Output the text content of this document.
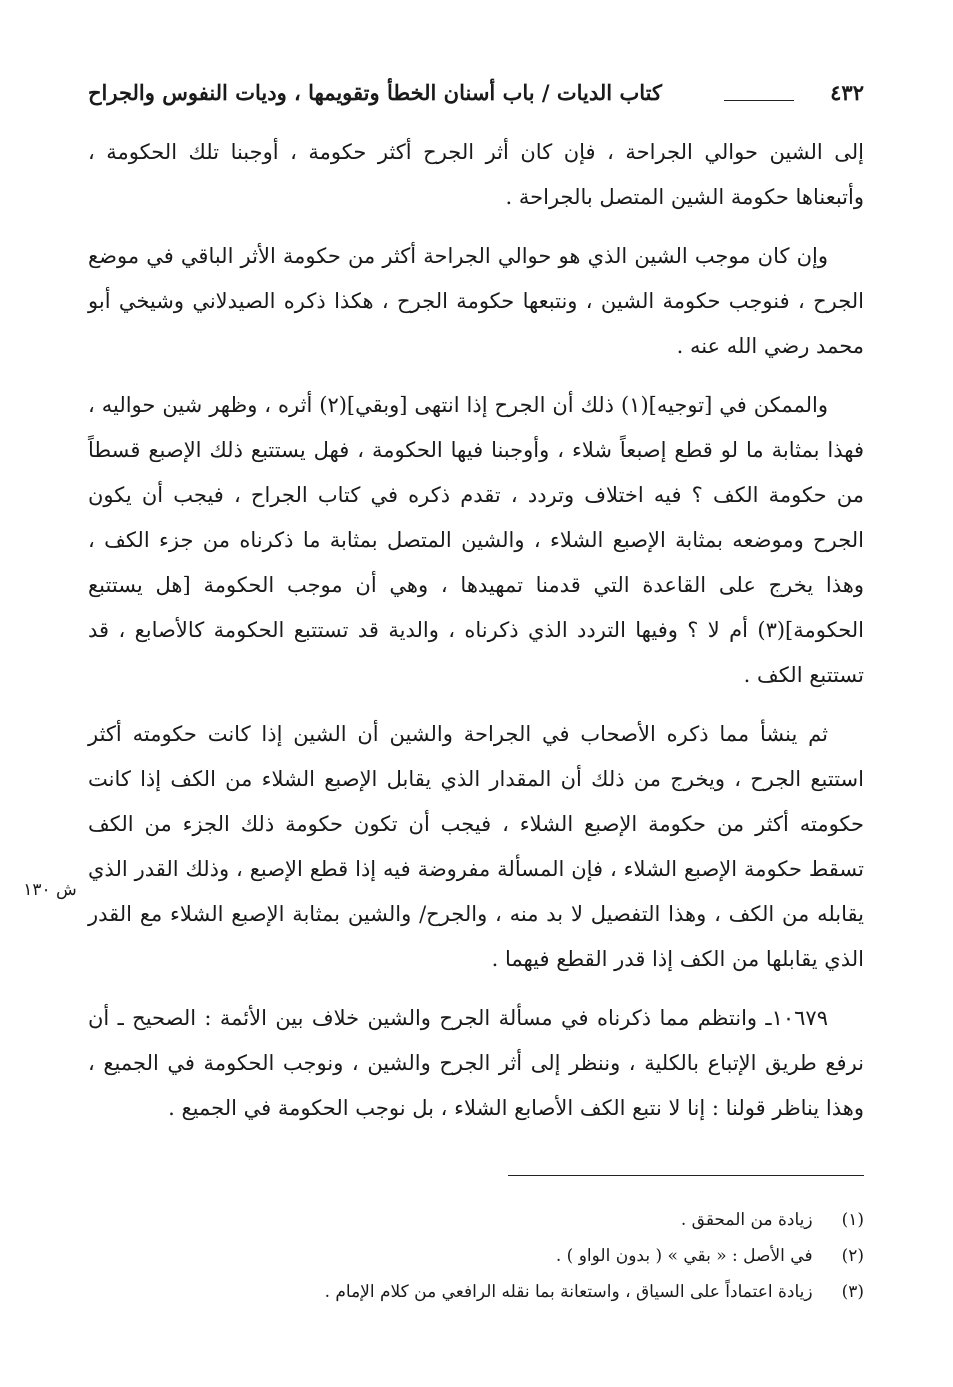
٤٣٢
كتاب الديات / باب أسنان الخطأ وتقويمها ، وديات النفوس والجراح

إلى الشين حوالي الجراحة ، فإن كان أثر الجرح أكثر حكومة ، أوجبنا تلك الحكومة ، وأتبعناها حكومة الشين المتصل بالجراحة .

وإن كان موجب الشين الذي هو حوالي الجراحة أكثر من حكومة الأثر الباقي في موضع الجرح ، فنوجب حكومة الشين ، ونتبعها حكومة الجرح ، هكذا ذكره الصيدلاني وشيخي أبو محمد رضي الله عنه .

والممكن في [توجيه](١) ذلك أن الجرح إذا انتهى [وبقي](٢) أثره ، وظهر شين حواليه ، فهذا بمثابة ما لو قطع إصبعاً شلاء ، وأوجبنا فيها الحكومة ، فهل يستتبع ذلك الإصبع قسطاً من حكومة الكف ؟ فيه اختلاف وتردد ، تقدم ذكره في كتاب الجراح ، فيجب أن يكون الجرح وموضعه بمثابة الإصبع الشلاء ، والشين المتصل بمثابة ما ذكرناه من جزء الكف ، وهذا يخرج على القاعدة التي قدمنا تمهيدها ، وهي أن موجب الحكومة [هل يستتبع الحكومة](٣) أم لا ؟ وفيها التردد الذي ذكرناه ، والدية قد تستتبع الحكومة كالأصابع ، قد تستتبع الكف .

ثم ينشأ مما ذكره الأصحاب في الجراحة والشين أن الشين إذا كانت حكومته أكثر استتبع الجرح ، ويخرج من ذلك أن المقدار الذي يقابل الإصبع الشلاء من الكف إذا كانت حكومته أكثر من حكومة الإصبع الشلاء ، فيجب أن تكون حكومة ذلك الجزء من الكف تسقط حكومة الإصبع الشلاء ، فإن المسألة مفروضة فيه إذا قطع الإصبع ، وذلك القدر الذي يقابله من الكف ، وهذا التفصيل لا بد منه ، والجرح/ والشين بمثابة الإصبع الشلاء مع القدر الذي يقابلها من الكف إذا قدر القطع فيهما .

١٠٦٧٩ـ وانتظم مما ذكرناه في مسألة الجرح والشين خلاف بين الأئمة : الصحيح ـ أن نرفع طريق الإتباع بالكلية ، وننظر إلى أثر الجرح والشين ، ونوجب الحكومة في الجميع ، وهذا يناظر قولنا : إنا لا نتبع الكف الأصابع الشلاء ، بل نوجب الحكومة في الجميع .

ش ١٣٠
(١) زيادة من المحقق .
(٢) في الأصل : « بقي » ( بدون الواو ) .
(٣) زيادة اعتماداً على السياق ، واستعانة بما نقله الرافعي من كلام الإمام .
